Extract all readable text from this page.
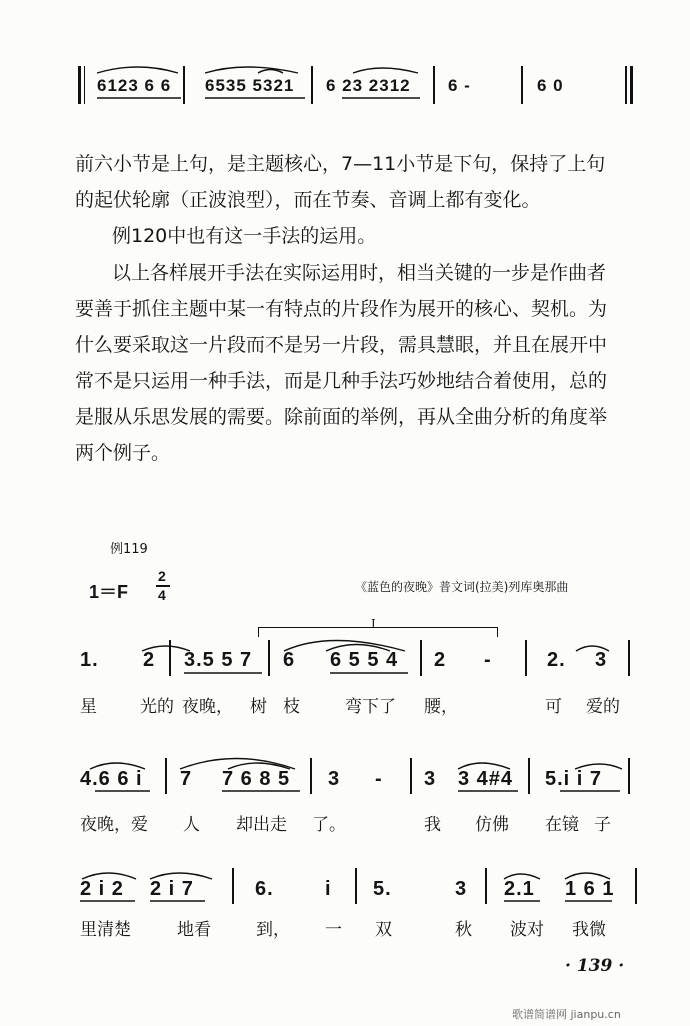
6123 6 6 6535 5321 6 23 2312 6 -	6 0
前六小节是上句，是主题核心，7—11小节是下句，保持了上句
的起伏轮廓（正波浪型），而在节奏、音调上都有变化。
例120中也有这一手法的运用。
以上各样展开手法在实际运用时，相当关键的一步是作曲者
要善于抓住主题中某一有特点的片段作为展开的核心、契机。为
什么要采取这一片段而不是另一片段，需具慧眼，并且在展开中
常不是只运用一种手法，而是几种手法巧妙地结合着使用，总的
是服从乐思发展的需要。除前面的举例，再从全曲分析的角度举
两个例子。
例119
1＝F
2
4	《蓝色的夜晚》普文词(拉美)列库奥那曲
I
1. 2 3.5 5 7 6 6 5 5 4 2 -	2. 3
星	光的 夜晚， 树 枝	弯下了 腰，	可 爱的
4.6 6 i 7 7 6 8 5 3 - 3 3 4#4 5.i i 7
夜晚，爱 人 却出走 了。	我 仿佛 在镜 子
2 i 2 2 i 7	6.	i 5.	3 2.1 1 6 1
里清楚	地看	到， 一 双	秋 波对 我微
· 139 ·
歌谱简谱网 jianpu.cn
